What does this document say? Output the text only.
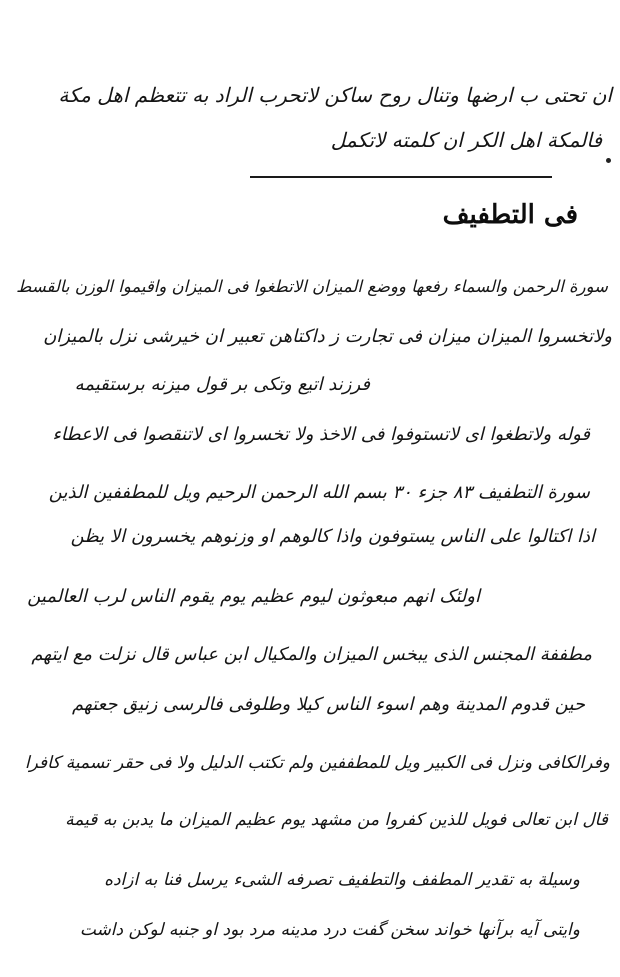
ان تحتی ب ارضها وتنال روح ساکن لاتحرب الراد به تتعظم اهل مکة
فالمکة اهل الکر ان کلمته لاتکمل
فی التطفیف
سورة الرحمن والسماء رفعها ووضع المیزان الاتطغوا فی المیزان واقیموا الوزن بالقسط
ولاتخسروا المیزان میزان فی تجارت ز داکتاهن تعبیر ان خیرشی نزل بالمیزان
فرزند اتیع وتکی بر قول میزنه برستقیمه
قوله ولاتطغوا ای لاتستوفوا فی الاخذ ولا تخسروا ای لاتنقصوا فی الاعطاء
سورة التطفیف ۸۳ جزء ۳۰ بسم الله الرحمن الرحیم ویل للمطففین الذین
اذا اکتالوا علی الناس یستوفون واذا کالوهم او وزنوهم یخسرون الا یظن
اولئک انهم مبعوثون لیوم عظیم یوم یقوم الناس لرب العالمین
مطففة المجنس الذی یبخس المیزان والمکیال ابن عباس قال نزلت مع ایتهم
حین قدوم المدینة وهم اسوء الناس کیلا وطلوفی فالرسی زنیق جعتهم
وفرالکافی ونزل فی الکبیر ویل للمطففین ولم تکتب الدلیل ولا فی حقر تسمیة کافرا
قال ابن تعالی فویل للذین کفروا من مشهد یوم عظیم المیزان ما یدبن به قیمة
وسیلة به تقدیر المطفف والتطفیف تصرفه الشیء یرسل فنا به ازاده
وایتی آیه برآنها خواند سخن گفت درد مدینه مرد بود او جنبه لوکن داشت
